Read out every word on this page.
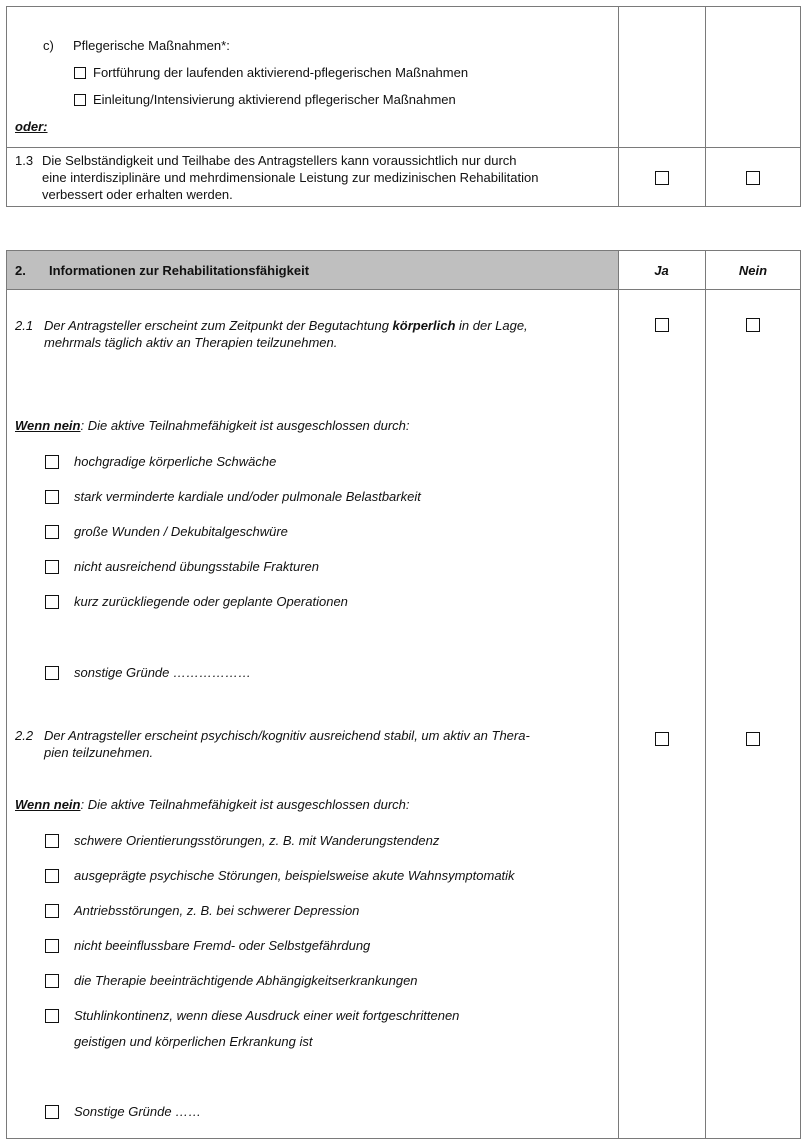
c) Pflegerische Maßnahmen*:
Fortführung der laufenden aktivierend-pflegerischen Maßnahmen
Einleitung/Intensivierung aktivierend pflegerischer Maßnahmen
oder:
1.3 Die Selbständigkeit und Teilhabe des Antragstellers kann voraussichtlich nur durch
eine interdisziplinäre und mehrdimensionale Leistung zur medizinischen Rehabilitation
verbessert oder erhalten werden.
2. Informationen zur Rehabilitationsfähigkeit	Ja	Nein
2.1 Der Antragsteller erscheint zum Zeitpunkt der Begutachtung körperlich in der Lage,
mehrmals täglich aktiv an Therapien teilzunehmen.
Wenn nein: Die aktive Teilnahmefähigkeit ist ausgeschlossen durch:
hochgradige körperliche Schwäche
stark verminderte kardiale und/oder pulmonale Belastbarkeit
große Wunden / Dekubitalgeschwüre
nicht ausreichend übungsstabile Frakturen
kurz zurückliegende oder geplante Operationen
sonstige Gründe ………………
2.2 Der Antragsteller erscheint psychisch/kognitiv ausreichend stabil, um aktiv an Thera-
pien teilzunehmen.
Wenn nein: Die aktive Teilnahmefähigkeit ist ausgeschlossen durch:
schwere Orientierungsstörungen, z. B. mit Wanderungstendenz
ausgeprägte psychische Störungen, beispielsweise akute Wahnsymptomatik
Antriebsstörungen, z. B. bei schwerer Depression
nicht beeinflussbare Fremd- oder Selbstgefährdung
die Therapie beeinträchtigende Abhängigkeitserkrankungen
Stuhlinkontinenz, wenn diese Ausdruck einer weit fortgeschrittenen
geistigen und körperlichen Erkrankung ist
Sonstige Gründe ……
